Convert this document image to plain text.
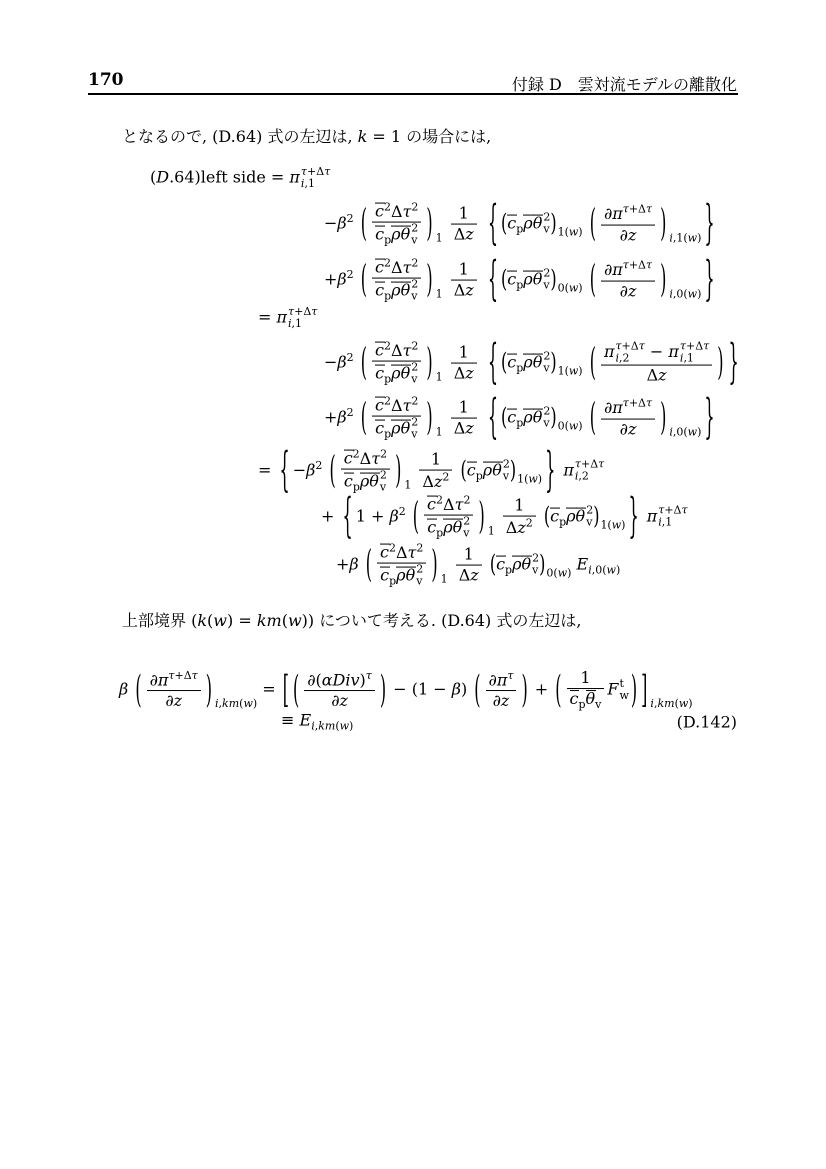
170	付録 D　雲対流モデルの離散化
となるので, (D.64) 式の左辺は, k = 1 の場合には,
(D.64)left side = π τ+Δτ
i,1
$-\beta^2$ ( $c^2\Delta\tau^2$
$c_p\rho\theta$ 2
v ) $_1 \frac{1}{\Delta z}$ { ($c_p\rho\theta$ 2
v )$_{1(w)}$ ( $\frac{\partial\pi^{\tau+\Delta\tau}}{\partial z}$ ) $_{i,1(w)}$ }
$+\beta^2$ ( $c^2\Delta\tau^2$
$c_p\rho\theta$ 2
v ) $_1 \frac{1}{\Delta z}$ { ($c_p\rho\theta$ 2
v )$_{0(w)}$ ( $\frac{\partial\pi^{\tau+\Delta\tau}}{\partial z}$ ) $_{i,0(w)}$ }
= π τ+Δτ
i,1
$-\beta^2$ ( $c^2\Delta\tau^2$
$c_p\rho\theta$ 2
v ) $_1 \frac{1}{\Delta z}$ { ($c_p\rho\theta$ 2
v )$_{1(w)}$ ( π τ+Δτ
i,2 − π τ+Δτ
i,1
Δz ) }
$+\beta^2$ ( $c^2\Delta\tau^2$
$c_p\rho\theta$ 2
v ) $_1 \frac{1}{\Delta z}$ { ($c_p\rho\theta$ 2
v )$_{0(w)}$ ( $\frac{\partial\pi^{\tau+\Delta\tau}}{\partial z}$ ) $_{i,0(w)}$ }
= { $-\beta^2$ ( $c^2\Delta\tau^2$
$c_p\rho\theta$ 2
v ) $_1 \frac{1}{\Delta z^2} (c_p\rho\theta$ 2
v )$_{1(w)}$ } π τ+Δτ
i,2
+ { $1 + \beta^2$ ( $c^2\Delta\tau^2$
$c_p\rho\theta$ 2
v ) $_1 \frac{1}{\Delta z^2} (c_p\rho\theta$ 2
v )$_{1(w)}$ } π τ+Δτ
i,1
+β ( $c^2\Delta\tau^2$
$c_p\rho\theta$ 2
v ) $_1 \frac{1}{\Delta z} (c_p\rho\theta$ 2
v )$_{0(w)}$ $E_{i,0(w)}$
上部境界 (k(w) = km(w)) について考える. (D.64) 式の左辺は,
β ( $\frac{\partial\pi^{\tau+\Delta\tau}}{\partial z}$ ) $_{i,km(w)}$ = [ ( $\frac{\partial(\alpha Div)^\tau}{\partial z}$ ) − (1 − β) ( $\frac{\partial\pi^\tau}{\partial z}$ ) + ( $\frac{1}{c_p\theta_v}$ F t
w ) ] $_{i,km(w)}$
≡ $E_{i,km(w)}$	(D.142)
